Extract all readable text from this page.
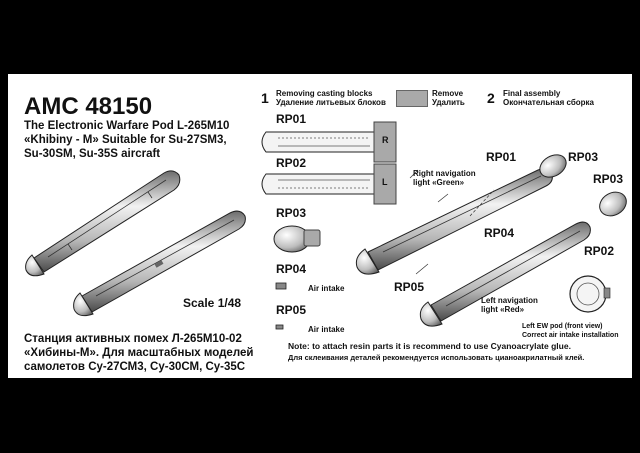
AMC 48150
The Electronic Warfare Pod L-265M10
«Khibiny - M» Suitable for Su-27SM3,
Su-30SM, Su-35S aircraft
Scale 1/48
Станция активных помех Л-265М10-02
«Хибины-М». Для масштабных моделей
самолетов Су-27СМ3, Су-30СМ, Су-35С
1 Removing casting blocks
Удаление литьевых блоков
Remove
Удалить 2 Final assembly
Окончательная сборка
RP01
R
RP02
L
RP03
RP04
Air intake
RP05
Air intake
RP01	RP03
RP03
Right navigation
light «Green»
RP04
RP02
RP05
Left navigation
light «Red»
Left EW pod (front view)
Correct air intake installation
Note: to attach resin parts it is recommend to use Cyanoacrylate glue.
Для склеивания деталей рекомендуется использовать цианоакрилатный клей.
